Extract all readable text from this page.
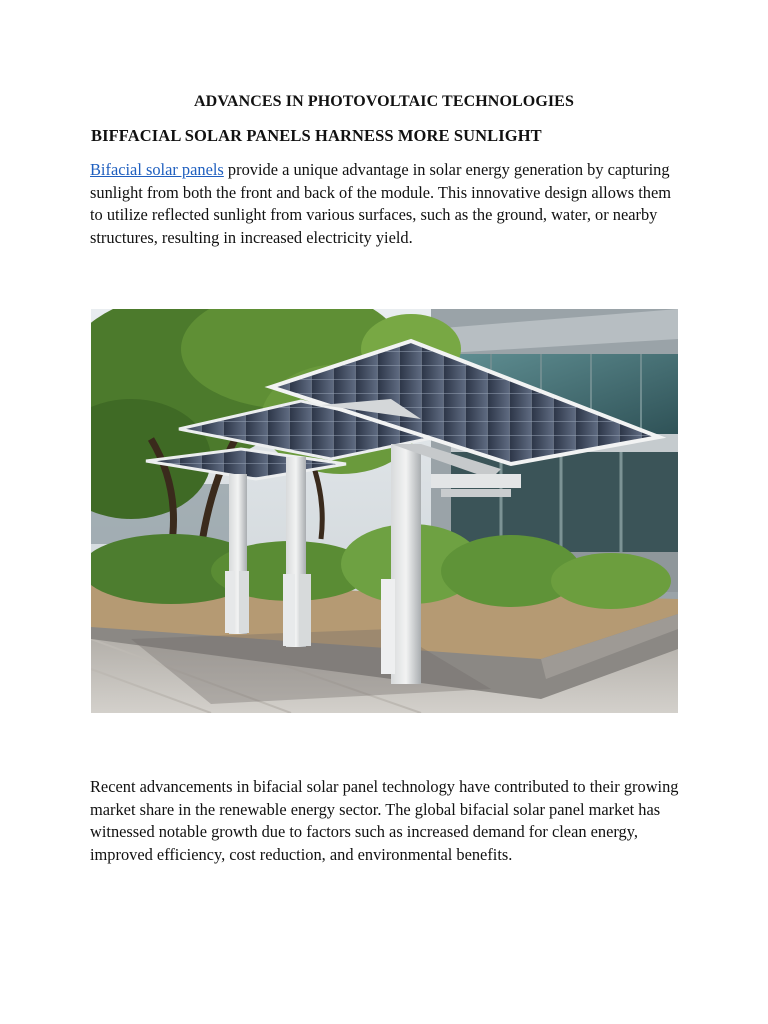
ADVANCES IN PHOTOVOLTAIC TECHNOLOGIES
BIFFACIAL SOLAR PANELS HARNESS MORE SUNLIGHT

Bifacial solar panels provide a unique advantage in solar energy generation by capturing sunlight from both the front and back of the module. This innovative design allows them to utilize reflected sunlight from various surfaces, such as the ground, water, or nearby structures, resulting in increased electricity yield.

Recent advancements in bifacial solar panel technology have contributed to their growing market share in the renewable energy sector. The global bifacial solar panel market has witnessed notable growth due to factors such as increased demand for clean energy, improved efficiency, cost reduction, and environmental benefits.
